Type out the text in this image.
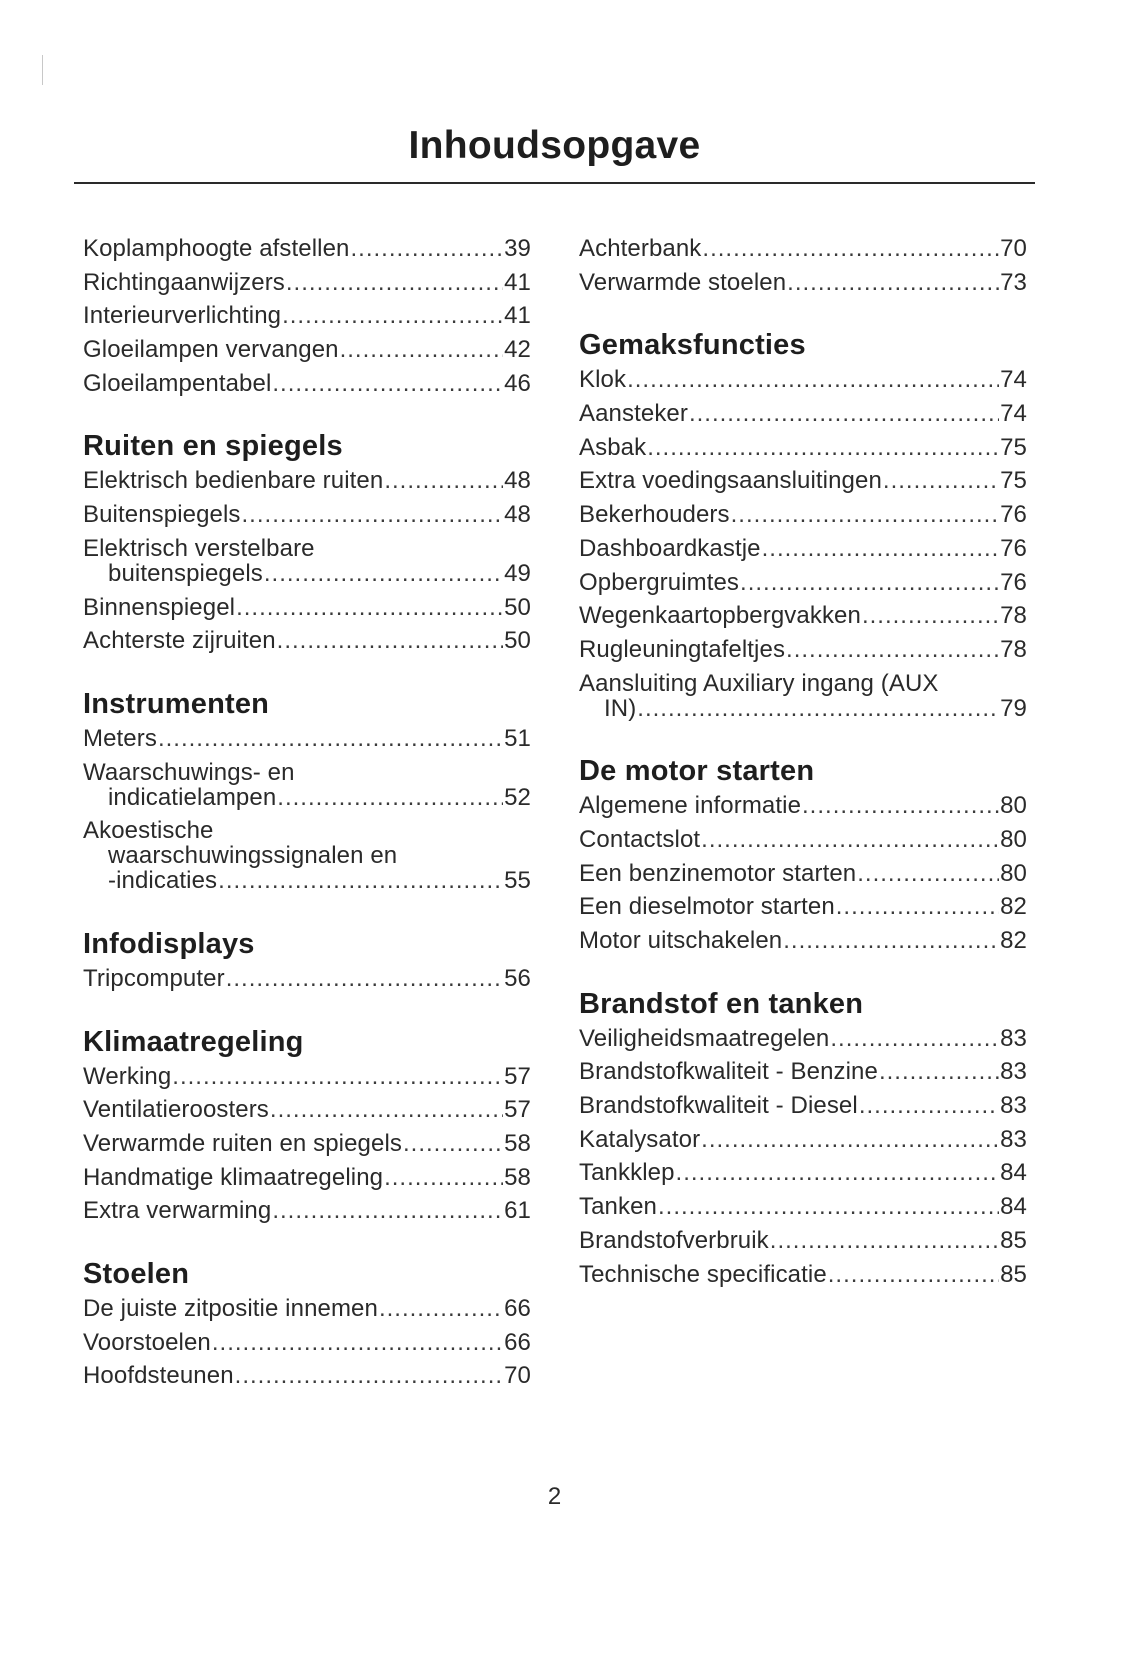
Inhoudsopgave
Koplamphoogte afstellen .....	39
Richtingaanwijzers .....	41
Interieurverlichting .....	41
Gloeilampen vervangen .....	42
Gloeilampentabel .....	46
Ruiten en spiegels
Elektrisch bedienbare ruiten .....	48
Buitenspiegels .....	48
Elektrisch verstelbare
buitenspiegels .....	49
Binnenspiegel .....	50
Achterste zijruiten .....	50
Instrumenten
Meters .....	51
Waarschuwings- en
indicatielampen .....	52
Akoestische
waarschuwingssignalen en
-indicaties .....	55
Infodisplays
Tripcomputer .....	56
Klimaatregeling
Werking .....	57
Ventilatieroosters .....	57
Verwarmde ruiten en spiegels .....	58
Handmatige klimaatregeling .....	58
Extra verwarming .....	61
Stoelen
De juiste zitpositie innemen .....	66
Voorstoelen .....	66
Hoofdsteunen .....	70
Achterbank .....	70
Verwarmde stoelen .....	73
Gemaksfuncties
Klok .....	74
Aansteker .....	74
Asbak .....	75
Extra voedingsaansluitingen .....	75
Bekerhouders .....	76
Dashboardkastje .....	76
Opbergruimtes .....	76
Wegenkaartopbergvakken .....	78
Rugleuningtafeltjes .....	78
Aansluiting Auxiliary ingang (AUX
IN) .....	79
De motor starten
Algemene informatie .....	80
Contactslot .....	80
Een benzinemotor starten .....	80
Een dieselmotor starten .....	82
Motor uitschakelen .....	82
Brandstof en tanken
Veiligheidsmaatregelen .....	83
Brandstofkwaliteit - Benzine .....	83
Brandstofkwaliteit - Diesel .....	83
Katalysator .....	83
Tankklep .....	84
Tanken .....	84
Brandstofverbruik .....	85
Technische specificatie .....	85
2
